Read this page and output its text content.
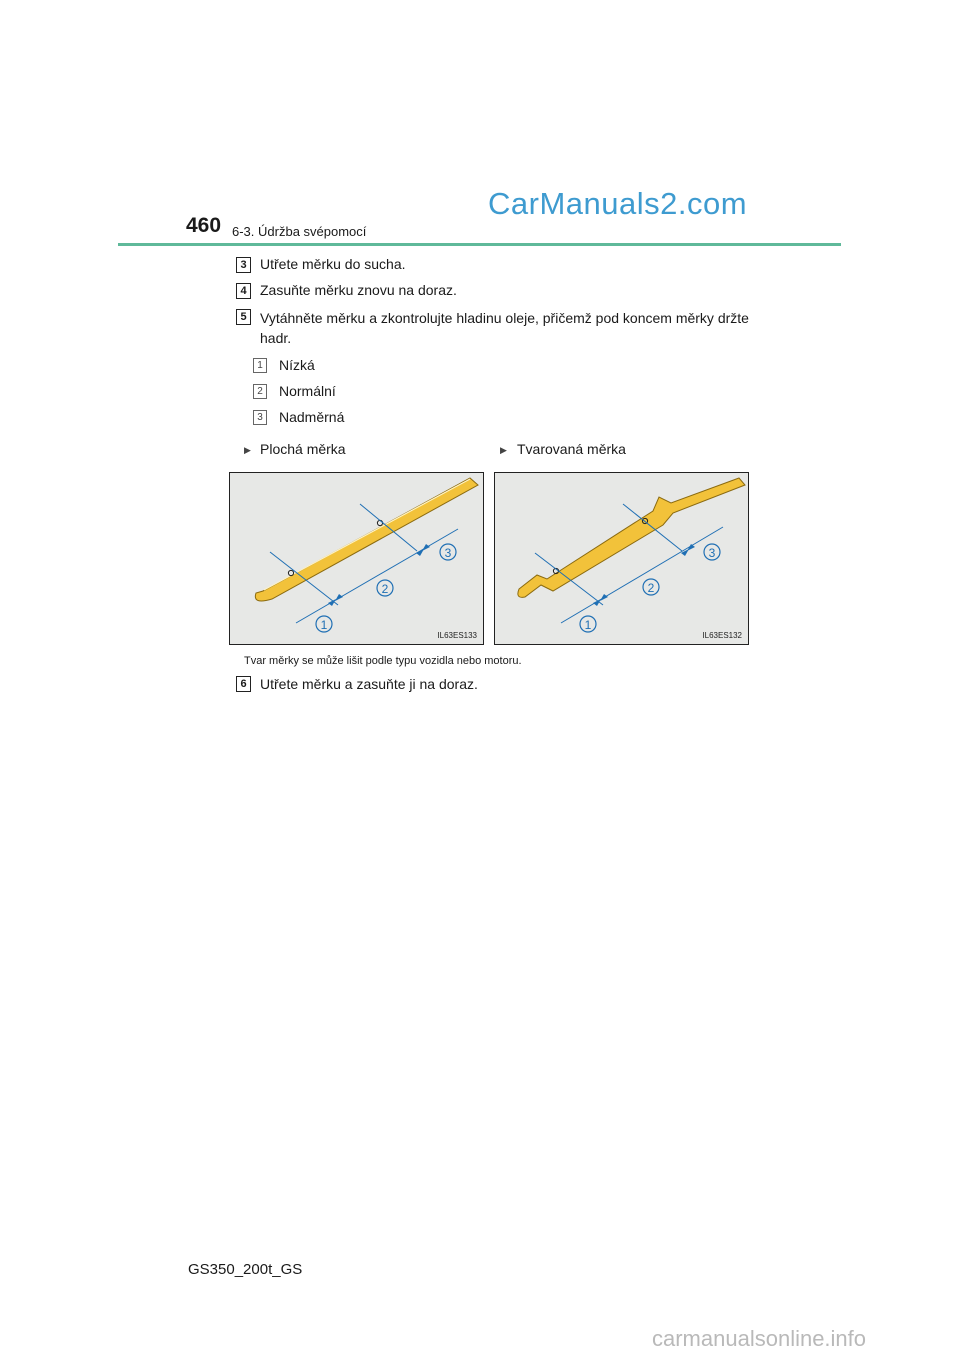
460 6-3. Údržba svépomocí
CarManuals2.com
3 Utřete měrku do sucha.
4 Zasuňte měrku znovu na doraz.
5 Vytáhněte měrku a zkontrolujte hladinu oleje, přičemž pod koncem měrky držte hadr.
1	Nízká
2	Normální
3	Nadměrná
▶ Plochá měrka	▶ Tvarovaná měrka
1
2
3
IL63ES133
1
2
3
IL63ES132
Tvar měrky se může lišit podle typu vozidla nebo motoru.
6 Utřete měrku a zasuňte ji na doraz.
GS350_200t_GS
carmanualsonline.info
